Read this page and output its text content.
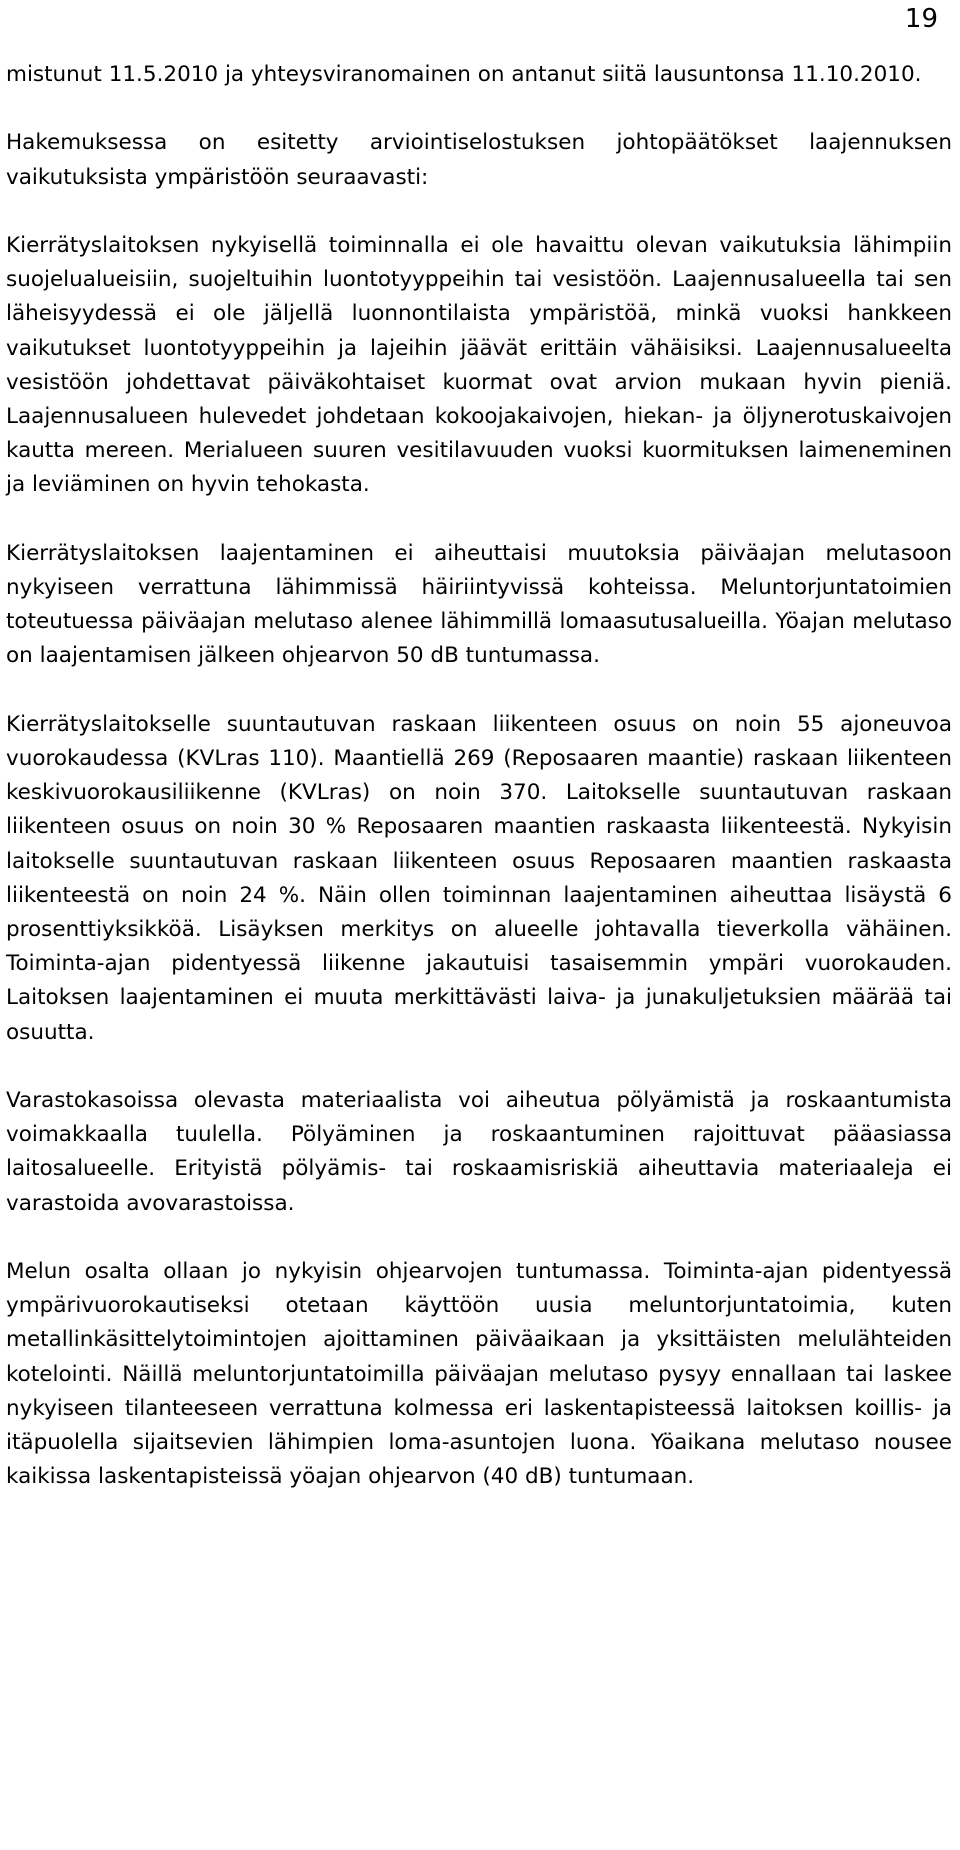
19

mistunut 11.5.2010 ja yhteysviranomainen on antanut siitä lausuntonsa 11.10.2010.

Hakemuksessa on esitetty arviointiselostuksen johtopäätökset laajennuksen vaikutuksista ympäristöön seuraavasti:

Kierrätyslaitoksen nykyisellä toiminnalla ei ole havaittu olevan vaikutuksia lähimpiin suojelualueisiin, suojeltuihin luontotyyppeihin tai vesistöön. Laajennusalueella tai sen läheisyydessä ei ole jäljellä luonnontilaista ympäristöä, minkä vuoksi hankkeen vaikutukset luontotyyppeihin ja lajeihin jäävät erittäin vähäisiksi. Laajennusalueelta vesistöön johdettavat päiväkohtaiset kuormat ovat arvion mukaan hyvin pieniä. Laajennusalueen hulevedet johdetaan kokoojakaivojen, hiekan- ja öljynerotuskaivojen kautta mereen. Merialueen suuren vesitilavuuden vuoksi kuormituksen laimeneminen ja leviäminen on hyvin tehokasta.

Kierrätyslaitoksen laajentaminen ei aiheuttaisi muutoksia päiväajan melutasoon nykyiseen verrattuna lähimmissä häiriintyvissä kohteissa. Meluntorjuntatoimien toteutuessa päiväajan melutaso alenee lähimmillä lomaasutusalueilla. Yöajan melutaso on laajentamisen jälkeen ohjearvon 50 dB tuntumassa.

Kierrätyslaitokselle suuntautuvan raskaan liikenteen osuus on noin 55 ajoneuvoa vuorokaudessa (KVLras 110). Maantiellä 269 (Reposaaren maantie) raskaan liikenteen keskivuorokausiliikenne (KVLras) on noin 370. Laitokselle suuntautuvan raskaan liikenteen osuus on noin 30 % Reposaaren maantien raskaasta liikenteestä. Nykyisin laitokselle suuntautuvan raskaan liikenteen osuus Reposaaren maantien raskaasta liikenteestä on noin 24 %. Näin ollen toiminnan laajentaminen aiheuttaa lisäystä 6 prosenttiyksikköä. Lisäyksen merkitys on alueelle johtavalla tieverkolla vähäinen. Toiminta-ajan pidentyessä liikenne jakautuisi tasaisemmin ympäri vuorokauden. Laitoksen laajentaminen ei muuta merkittävästi laiva- ja junakuljetuksien määrää tai osuutta.

Varastokasoissa olevasta materiaalista voi aiheutua pölyämistä ja roskaantumista voimakkaalla tuulella. Pölyäminen ja roskaantuminen rajoittuvat pääasiassa laitosalueelle. Erityistä pölyämis- tai roskaamisriskiä aiheuttavia materiaaleja ei varastoida avovarastoissa.

Melun osalta ollaan jo nykyisin ohjearvojen tuntumassa. Toiminta-ajan pidentyessä ympärivuorokautiseksi otetaan käyttöön uusia meluntorjuntatoimia, kuten metallinkäsittelytoimintojen ajoittaminen päiväaikaan ja yksittäisten melulähteiden kotelointi. Näillä meluntorjuntatoimilla päiväajan melutaso pysyy ennallaan tai laskee nykyiseen tilanteeseen verrattuna kolmessa eri laskentapisteessä laitoksen koillis- ja itäpuolella sijaitsevien lähimpien loma-asuntojen luona. Yöaikana melutaso nousee kaikissa laskentapisteissä yöajan ohjearvon (40 dB) tuntumaan.
